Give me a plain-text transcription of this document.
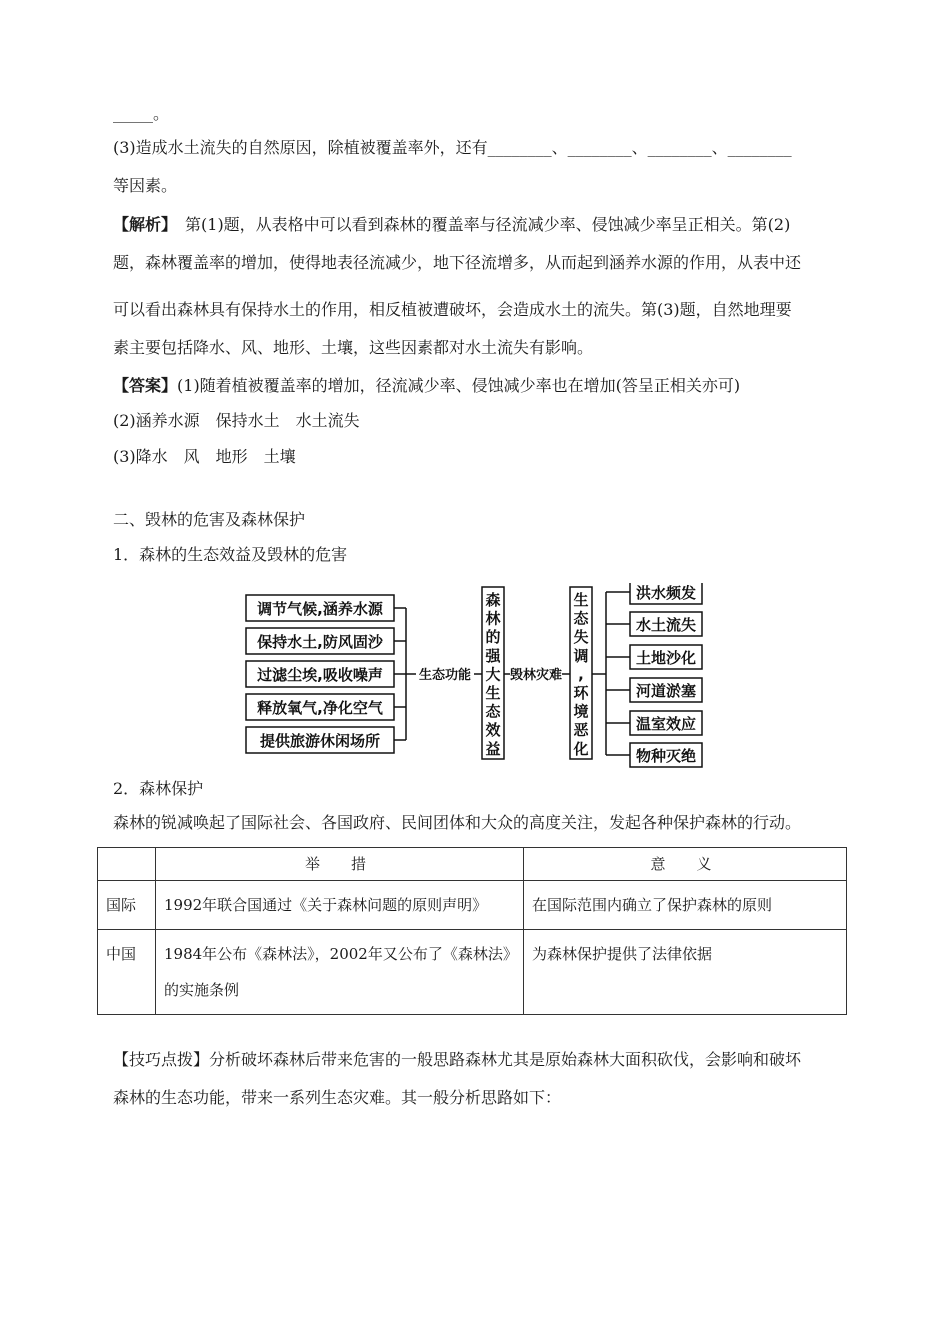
_____。
(3)造成水土流失的自然原因，除植被覆盖率外，还有________、________、________、________
等因素。
【解析】　第(1)题，从表格中可以看到森林的覆盖率与径流减少率、侵蚀减少率呈正相关。第(2)
题，森林覆盖率的增加，使得地表径流减少，地下径流增多，从而起到涵养水源的作用，从表中还
可以看出森林具有保持水土的作用，相反植被遭破坏，会造成水土的流失。第(3)题，自然地理要
素主要包括降水、风、地形、土壤，这些因素都对水土流失有影响。
【答案】(1)随着植被覆盖率的增加，径流减少率、侵蚀减少率也在增加(答呈正相关亦可)
(2)涵养水源　保持水土　水土流失
(3)降水　风　地形　土壤
二、毁林的危害及森林保护
1．森林的生态效益及毁林的危害
调节气候,涵养水源
保持水土,防风固沙
过滤尘埃,吸收噪声
释放氧气,净化空气
提供旅游休闲场所
生态功能	毁林灾难
森
林
的
强
大
生
态
效
益
生
态
失
调
,
环
境
恶
化
洪水频发
水土流失
土地沙化
河道淤塞
温室效应
物种灭绝
2．森林保护
森林的锐减唤起了国际社会、各国政府、民间团体和大众的高度关注，发起各种保护森林的行动。
	举　措	意　义
国际	1992年联合国通过《关于森林问题的原则声明》	在国际范围内确立了保护森林的原则
中国	1984年公布《森林法》，2002年又公布了《森林法》的实施条例	为森林保护提供了法律依据
【技巧点拨】分析破坏森林后带来危害的一般思路森林尤其是原始森林大面积砍伐，会影响和破坏
森林的生态功能，带来一系列生态灾难。其一般分析思路如下：
